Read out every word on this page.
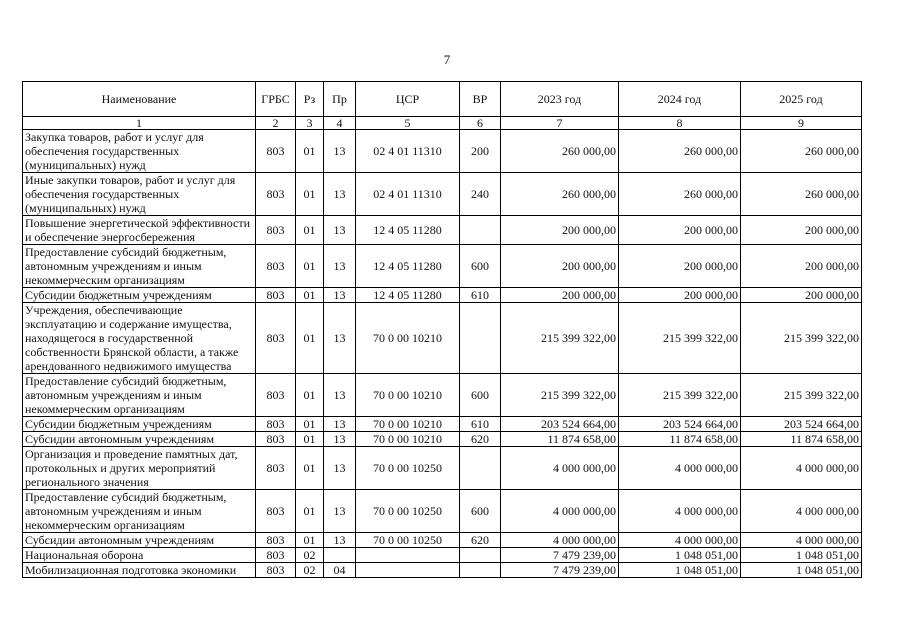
7
Наименование	ГРБС	Рз	Пр	ЦСР	ВР	2023 год	2024 год	2025 год
1	2	3	4	5	6	7	8	9
Закупка товаров, работ и услуг для обеспечения государственных (муниципальных) нужд	803	01	13	02 4 01 11310	200	260 000,00	260 000,00	260 000,00
Иные закупки товаров, работ и услуг для обеспечения государственных (муниципальных) нужд	803	01	13	02 4 01 11310	240	260 000,00	260 000,00	260 000,00
Повышение энергетической эффективности и обеспечение энергосбережения	803	01	13	12 4 05 11280		200 000,00	200 000,00	200 000,00
Предоставление субсидий бюджетным, автономным учреждениям и иным некоммерческим организациям	803	01	13	12 4 05 11280	600	200 000,00	200 000,00	200 000,00
Субсидии бюджетным учреждениям	803	01	13	12 4 05 11280	610	200 000,00	200 000,00	200 000,00
Учреждения, обеспечивающие эксплуатацию и содержание имущества, находящегося в государственной собственности Брянской области, а также арендованного недвижимого имущества	803	01	13	70 0 00 10210		215 399 322,00	215 399 322,00	215 399 322,00
Предоставление субсидий бюджетным, автономным учреждениям и иным некоммерческим организациям	803	01	13	70 0 00 10210	600	215 399 322,00	215 399 322,00	215 399 322,00
Субсидии бюджетным учреждениям	803	01	13	70 0 00 10210	610	203 524 664,00	203 524 664,00	203 524 664,00
Субсидии автономным учреждениям	803	01	13	70 0 00 10210	620	11 874 658,00	11 874 658,00	11 874 658,00
Организация и проведение памятных дат, протокольных и других мероприятий регионального значения	803	01	13	70 0 00 10250		4 000 000,00	4 000 000,00	4 000 000,00
Предоставление субсидий бюджетным, автономным учреждениям и иным некоммерческим организациям	803	01	13	70 0 00 10250	600	4 000 000,00	4 000 000,00	4 000 000,00
Субсидии автономным учреждениям	803	01	13	70 0 00 10250	620	4 000 000,00	4 000 000,00	4 000 000,00
Национальная оборона	803	02				7 479 239,00	1 048 051,00	1 048 051,00
Мобилизационная подготовка экономики	803	02	04			7 479 239,00	1 048 051,00	1 048 051,00
